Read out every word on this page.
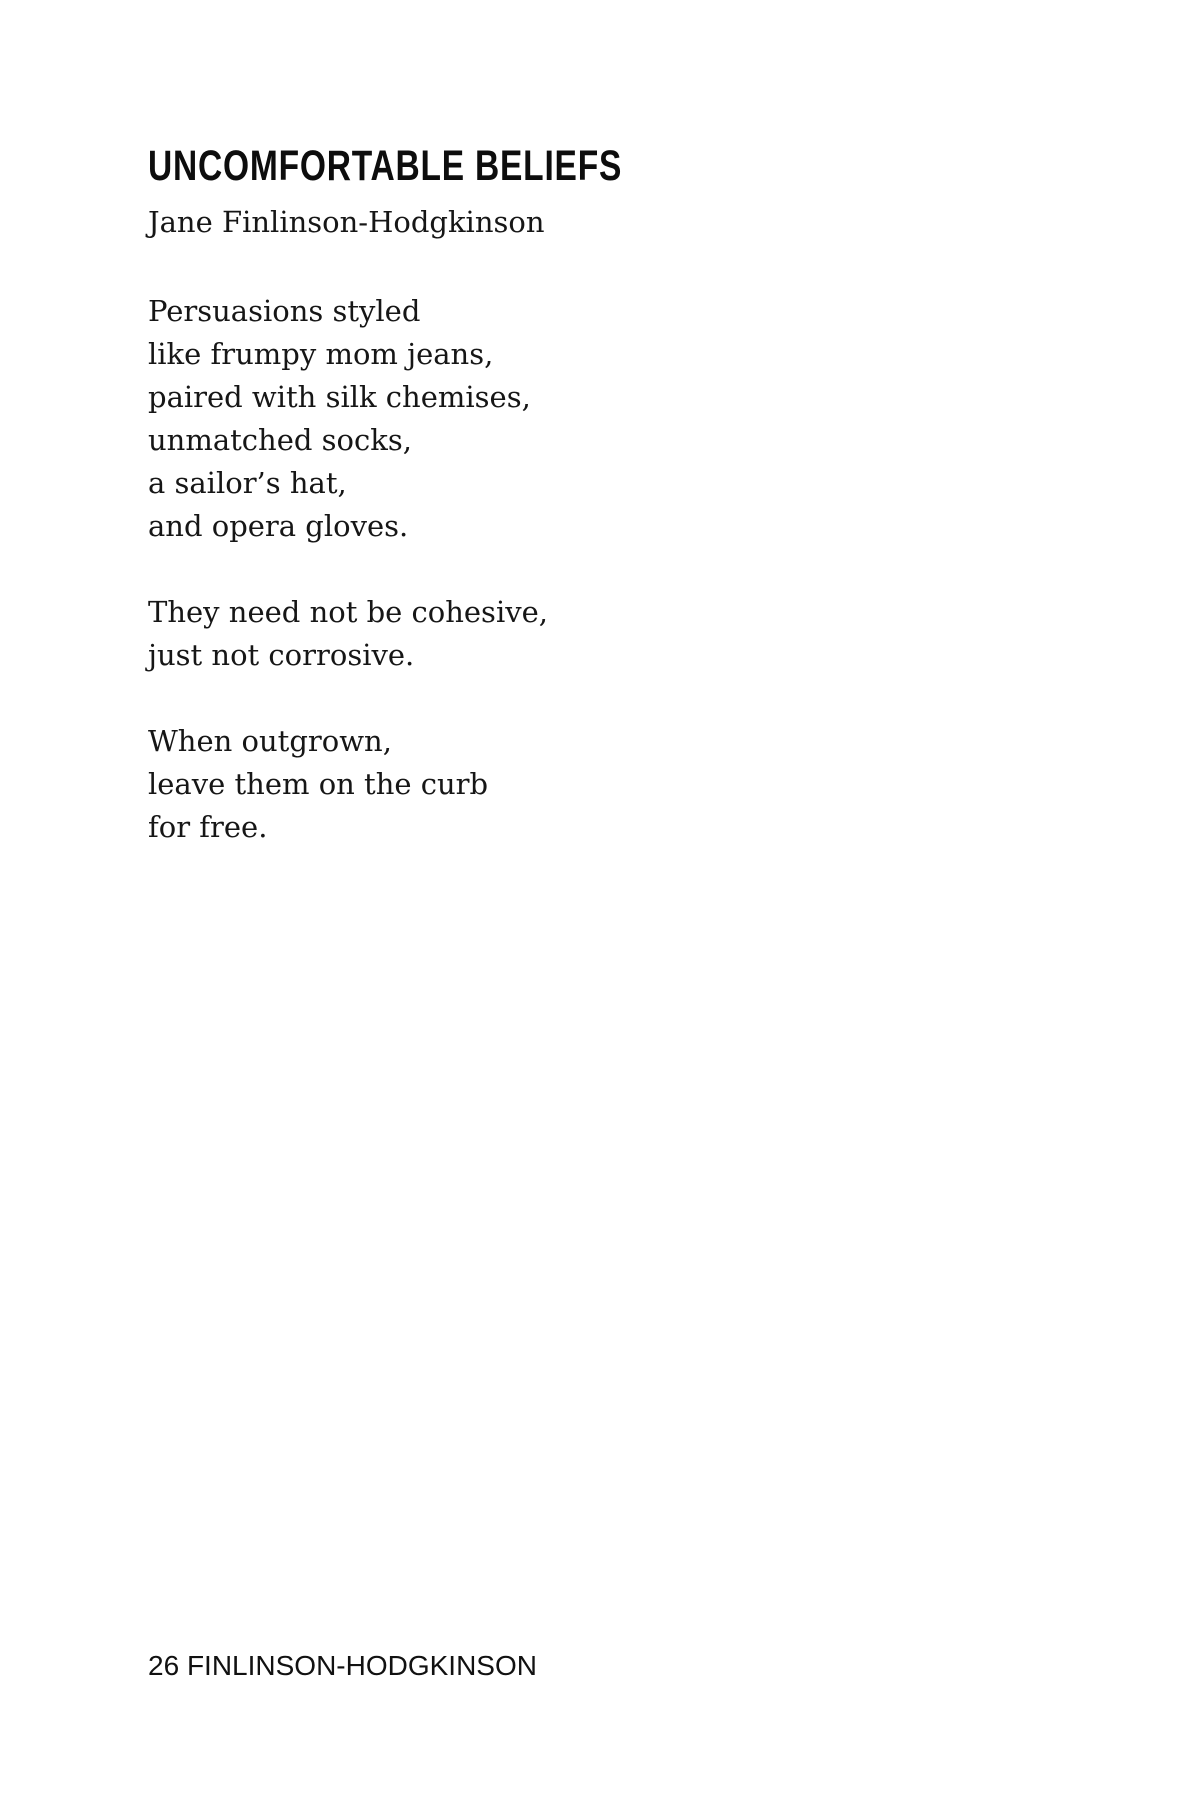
UNCOMFORTABLE BELIEFS

Jane Finlinson-Hodgkinson

Persuasions styled
like frumpy mom jeans,
paired with silk chemises,
unmatched socks,
a sailor’s hat,
and opera gloves.
They need not be cohesive,
just not corrosive.
When outgrown,
leave them on the curb
for free.

26 FINLINSON-HODGKINSON
